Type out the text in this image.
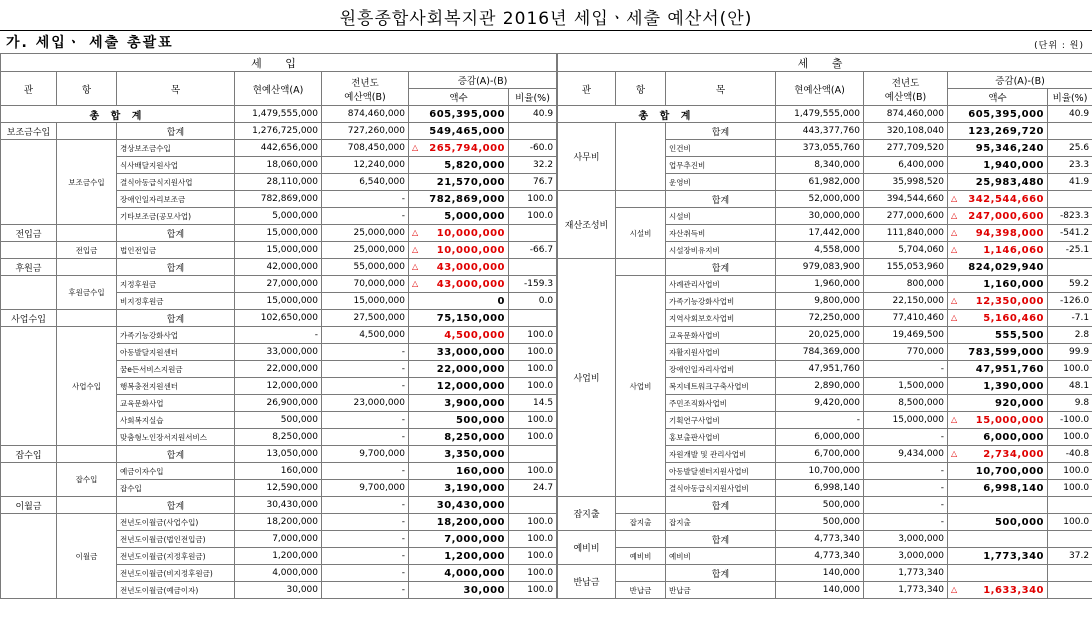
원흥종합사회복지관 2016년 세입ㆍ세출 예산서(안)
가. 세입ㆍ 세출 총괄표	(단위 : 원)
세 입						
관	항	목	현예산액(A)	전년도
예산액(B)	증감(A)-(B)	
					액수	비율(%)
총 합 계			1,479,555,000	874,460,000	605,395,000	40.9
보조금수입		합계	1,276,725,000	727,260,000	549,465,000	
	보조금수입	경상보조금수입	442,656,000	708,450,000	△ 265,794,000	-60.0
		식사배달지원사업	18,060,000	12,240,000	5,820,000	32.2
		결식아동급식지원사업	28,110,000	6,540,000	21,570,000	76.7
		장애인일자리보조금	782,869,000	-	782,869,000	100.0
		기타보조금(공모사업)	5,000,000	-	5,000,000	100.0
전입금		합계	15,000,000	25,000,000	△ 10,000,000	
	전입금	법인전입금	15,000,000	25,000,000	△ 10,000,000	-66.7
후원금		합계	42,000,000	55,000,000	△ 43,000,000	
	후원금수입	지정후원금	27,000,000	70,000,000	△ 43,000,000	-159.3
		비지정후원금	15,000,000	15,000,000	0	0.0
사업수입		합계	102,650,000	27,500,000	75,150,000	
	사업수입	가족기능강화사업	-	4,500,000	4,500,000	100.0
		아동발달지원센터	33,000,000	-	33,000,000	100.0
		꿈e든서비스지원금	22,000,000	-	22,000,000	100.0
		행복충전지원센터	12,000,000	-	12,000,000	100.0
		교육문화사업	26,900,000	23,000,000	3,900,000	14.5
		사회복지실습	500,000	-	500,000	100.0
		맞춤형노인장서지원서비스	8,250,000	-	8,250,000	100.0
잡수입		합계	13,050,000	9,700,000	3,350,000	
	잡수입	예금이자수입	160,000	-	160,000	100.0
		잡수입	12,590,000	9,700,000	3,190,000	24.7
이월금		합계	30,430,000	-	30,430,000	
	이월금	전년도이월금(사업수입)	18,200,000	-	18,200,000	100.0
		전년도이월금(법인전입금)	7,000,000	-	7,000,000	100.0
		전년도이월금(지정후원금)	1,200,000	-	1,200,000	100.0
		전년도이월금(비지정후원금)	4,000,000	-	4,000,000	100.0
		전년도이월금(예금이자)	30,000	-	30,000	100.0
세 출						
관	항	목	현예산액(A)	전년도
예산액(B)	증감(A)-(B)	
					액수	비율(%)
총 합 계			1,479,555,000	874,460,000	605,395,000	40.9
사무비		합계	443,377,760	320,108,040	123,269,720	
		인건비	373,055,760	277,709,520	95,346,240	25.6
		업무추진비	8,340,000	6,400,000	1,940,000	23.3
		운영비	61,982,000	35,998,520	25,983,480	41.9
재산조성비		합계	52,000,000	394,544,660	△ 342,544,660	
	시설비	시설비	30,000,000	277,000,600	△ 247,000,600	-823.3
		자산취득비	17,442,000	111,840,000	△ 94,398,000	-541.2
		시설장비유지비	4,558,000	5,704,060	△ 1,146,060	-25.1
사업비		합계	979,083,900	155,053,960	824,029,940	
	사업비	사례관리사업비	1,960,000	800,000	1,160,000	59.2
		가족기능강화사업비	9,800,000	22,150,000	△ 12,350,000	-126.0
		지역사회보호사업비	72,250,000	77,410,460	△ 5,160,460	-7.1
		교육문화사업비	20,025,000	19,469,500	555,500	2.8
		자활지원사업비	784,369,000	770,000	783,599,000	99.9
		장애인일자리사업비	47,951,760	-	47,951,760	100.0
		복지네트워크구축사업비	2,890,000	1,500,000	1,390,000	48.1
		주민조직화사업비	9,420,000	8,500,000	920,000	9.8
		기획연구사업비	-	15,000,000	△ 15,000,000	-100.0
		홍보출판사업비	6,000,000	-	6,000,000	100.0
		자원개발 및 관리사업비	6,700,000	9,434,000	△ 2,734,000	-40.8
		아동발달센터지원사업비	10,700,000	-	10,700,000	100.0
		결식아동급식지원사업비	6,998,140	-	6,998,140	100.0
잡지출		합계	500,000	-		
	잡지출	잡지출	500,000	-	500,000	100.0
예비비		합계	4,773,340	3,000,000		
	예비비	예비비	4,773,340	3,000,000	1,773,340	37.2
반납금		합계	140,000	1,773,340		
	반납금	반납금	140,000	1,773,340	△ 1,633,340	
